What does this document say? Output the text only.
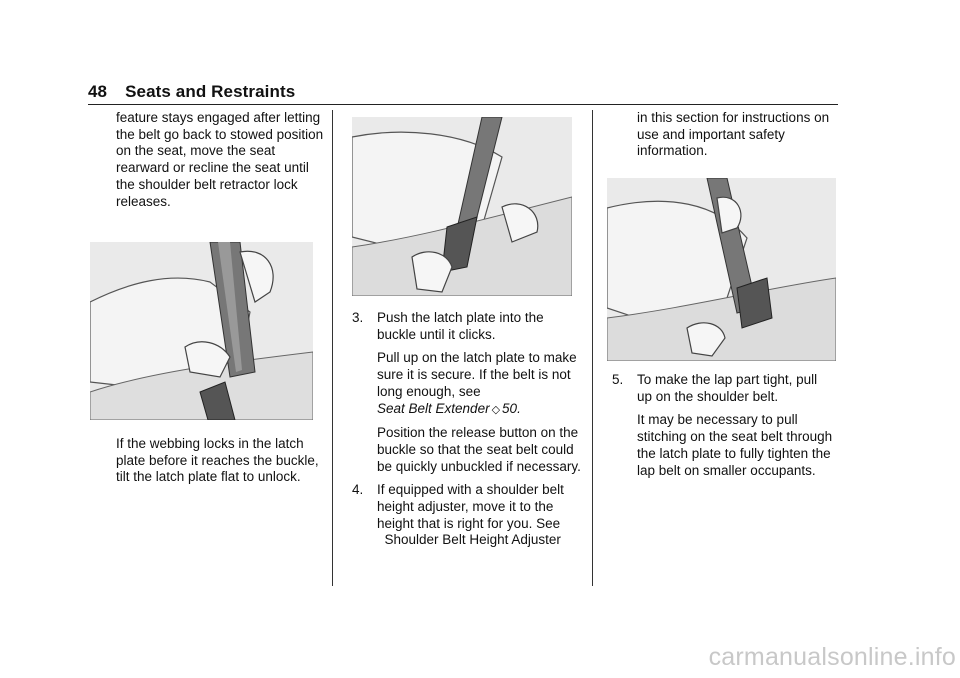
48 Seats and Restraints

feature stays engaged after letting the belt go back to stowed position on the seat, move the seat rearward or recline the seat until the shoulder belt retractor lock releases.

If the webbing locks in the latch plate before it reaches the buckle, tilt the latch plate flat to unlock.

3.	Push the latch plate into the buckle until it clicks.

Pull up on the latch plate to make sure it is secure. If the belt is not long enough, see
Seat Belt Extender ◇ 50.

Position the release button on the buckle so that the seat belt could be quickly unbuckled if necessary.

4.	If equipped with a shoulder belt height adjuster, move it to the height that is right for you. See
Shoulder Belt Height Adjuster

in this section for instructions on use and important safety information.

5.	To make the lap part tight, pull up on the shoulder belt.

It may be necessary to pull stitching on the seat belt through the latch plate to fully tighten the lap belt on smaller occupants.

carmanualsonline.info
